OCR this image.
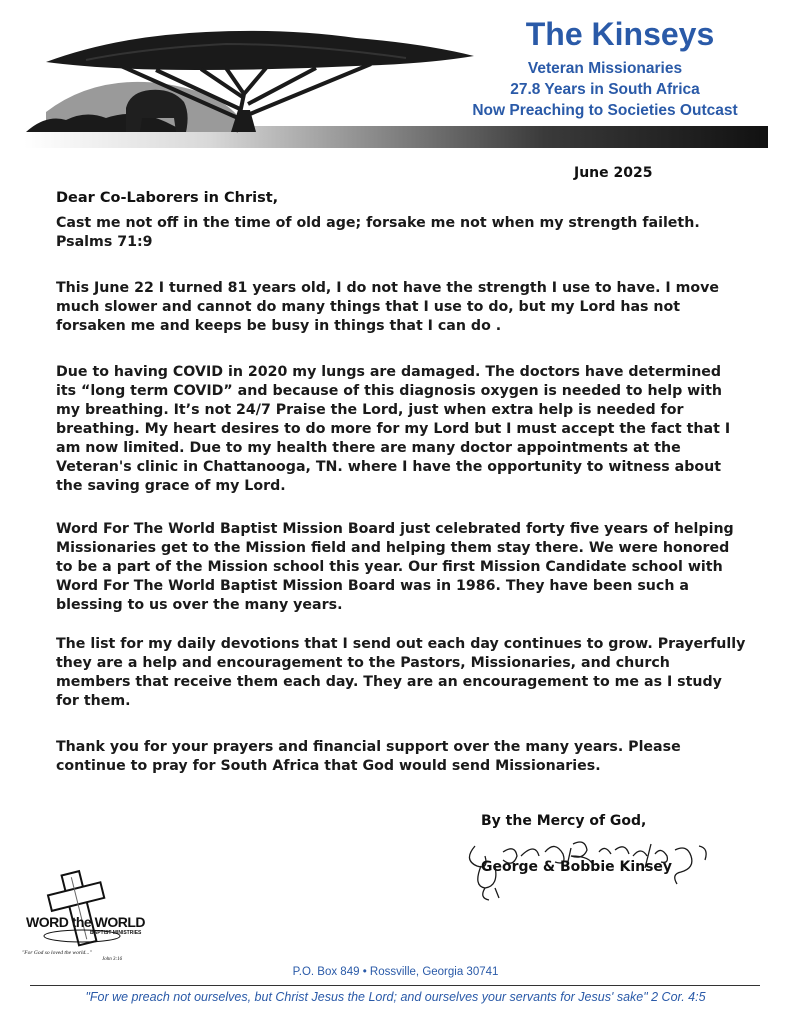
The Kinseys
Veteran Missionaries
27.8 Years in South Africa
Now Preaching to Societies Outcast
June 2025
Dear Co-Laborers in Christ,

Cast me not off in the time of old age; forsake me not when my strength faileth. Psalms 71:9

This June 22 I turned 81 years old, I do not have the strength I use to have. I move much slower and cannot do many things that I use to do, but my Lord has not forsaken me and keeps be busy in things that I can do .

Due to having COVID in 2020 my lungs are damaged. The doctors have determined its “long term COVID” and because of this diagnosis oxygen is needed to help with my breathing. It’s not 24/7 Praise the Lord, just when extra help is needed for breathing. My heart desires to do more for my Lord but I must accept the fact that I am now limited. Due to my health there are many doctor appointments at the Veteran's clinic in Chattanooga, TN. where I have the opportunity to witness about the saving grace of my Lord.

Word For The World Baptist Mission Board just celebrated forty five years of helping Missionaries get to the Mission field and helping them stay there. We were honored to be a part of the Mission school this year. Our first Mission Candidate school with Word For The World Baptist Mission Board was in 1986. They have been such a blessing to us over the many years.

The list for my daily devotions that I send out each day continues to grow. Prayerfully they are a help and encouragement to the Pastors, Missionaries, and church members that receive them each day. They are an encouragement to me as I study for them.

Thank you for your prayers and financial support over the many years. Please continue to pray for South Africa that God would send Missionaries.

By the Mercy of God,
George & Bobbie Kinsey
WORD the WORLD
BAPTIST MINISTRIES
"For God so loved the world..."
John 3:16
P.O. Box 849 • Rossville, Georgia 30741
"For we preach not ourselves, but Christ Jesus the Lord; and ourselves your servants for Jesus' sake" 2 Cor. 4:5
